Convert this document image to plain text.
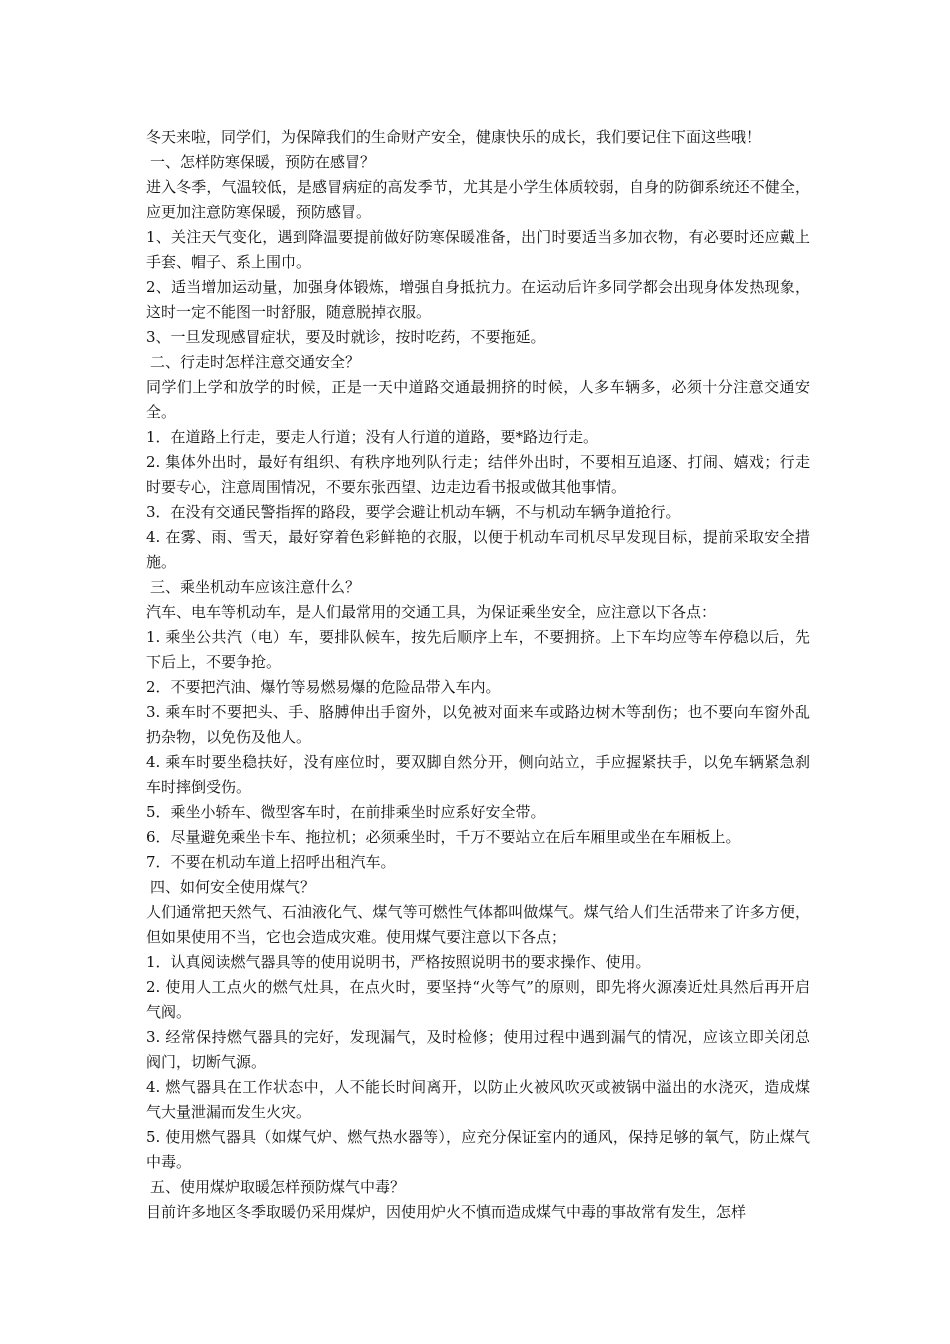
冬天来啦，同学们，为保障我们的生命财产安全，健康快乐的成长，我们要记住下面这些哦！

一、怎样防寒保暖，预防在感冒？

进入冬季，气温较低，是感冒病症的高发季节，尤其是小学生体质较弱，自身的防御系统还不健全，应更加注意防寒保暖，预防感冒。

1、关注天气变化，遇到降温要提前做好防寒保暖准备，出门时要适当多加衣物，有必要时还应戴上手套、帽子、系上围巾。

2、适当增加运动量，加强身体锻炼，增强自身抵抗力。在运动后许多同学都会出现身体发热现象，这时一定不能图一时舒服，随意脱掉衣服。

3、一旦发现感冒症状，要及时就诊，按时吃药，不要拖延。

二、行走时怎样注意交通安全？

同学们上学和放学的时候，正是一天中道路交通最拥挤的时候，人多车辆多，必须十分注意交通安全。

1．在道路上行走，要走人行道；没有人行道的道路，要*路边行走。

2. 集体外出时，最好有组织、有秩序地列队行走；结伴外出时，不要相互追逐、打闹、嬉戏；行走时要专心，注意周围情况，不要东张西望、边走边看书报或做其他事情。

3．在没有交通民警指挥的路段，要学会避让机动车辆，不与机动车辆争道抢行。

4. 在雾、雨、雪天，最好穿着色彩鲜艳的衣服，以便于机动车司机尽早发现目标，提前采取安全措施。

三、乘坐机动车应该注意什么？

汽车、电车等机动车，是人们最常用的交通工具，为保证乘坐安全，应注意以下各点：

1. 乘坐公共汽（电）车，要排队候车，按先后顺序上车，不要拥挤。上下车均应等车停稳以后，先下后上，不要争抢。

2．不要把汽油、爆竹等易燃易爆的危险品带入车内。

3. 乘车时不要把头、手、胳膊伸出手窗外，以免被对面来车或路边树木等刮伤；也不要向车窗外乱扔杂物，以免伤及他人。

4. 乘车时要坐稳扶好，没有座位时，要双脚自然分开，侧向站立，手应握紧扶手，以免车辆紧急刹车时摔倒受伤。

5．乘坐小轿车、微型客车时，在前排乘坐时应系好安全带。

6．尽量避免乘坐卡车、拖拉机；必须乘坐时，千万不要站立在后车厢里或坐在车厢板上。

7．不要在机动车道上招呼出租汽车。

四、如何安全使用煤气？

人们通常把天然气、石油液化气、煤气等可燃性气体都叫做煤气。煤气给人们生活带来了许多方便，但如果使用不当，它也会造成灾难。使用煤气要注意以下各点；

1．认真阅读燃气器具等的使用说明书，严格按照说明书的要求操作、使用。

2. 使用人工点火的燃气灶具，在点火时，要坚持“火等气”的原则，即先将火源凑近灶具然后再开启气阀。

3. 经常保持燃气器具的完好，发现漏气，及时检修；使用过程中遇到漏气的情况，应该立即关闭总阀门，切断气源。

4. 燃气器具在工作状态中，人不能长时间离开，以防止火被风吹灭或被锅中溢出的水浇灭，造成煤气大量泄漏而发生火灾。

5. 使用燃气器具（如煤气炉、燃气热水器等），应充分保证室内的通风，保持足够的氧气，防止煤气中毒。

五、使用煤炉取暖怎样预防煤气中毒？

目前许多地区冬季取暖仍采用煤炉，因使用炉火不慎而造成煤气中毒的事故常有发生，怎样
